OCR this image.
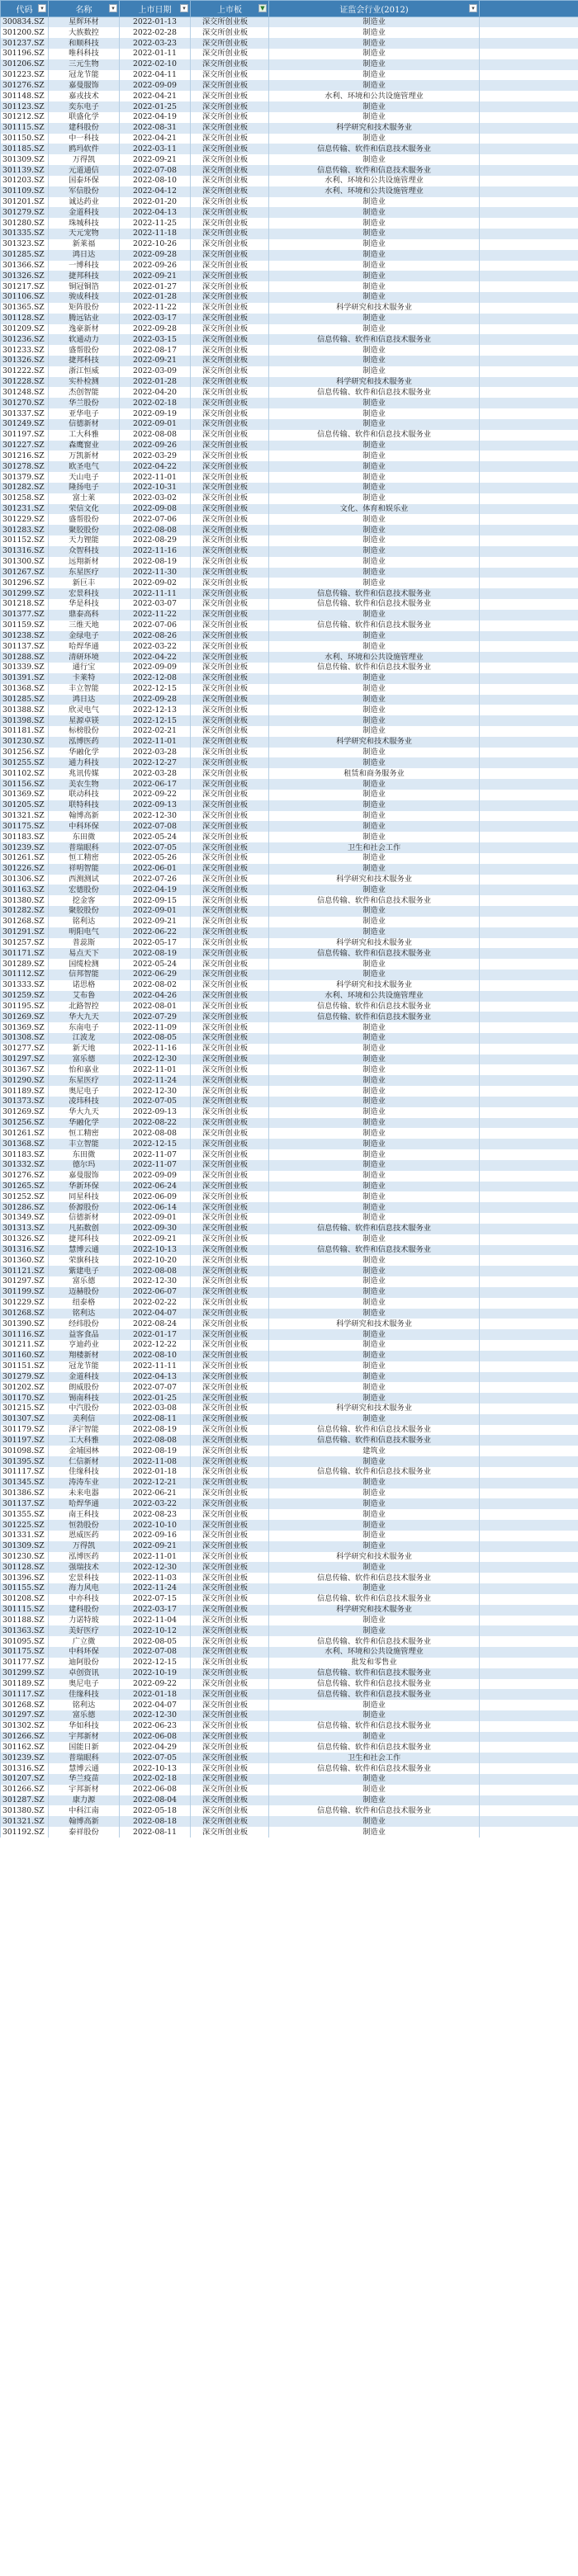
代码 ▾	名称 ▾	上市日期 ▾	上市板 ▼	证监会行业(2012) ▾	

300834.SZ	星辉环材	2022-01-13	深交所创业板	制造业	
301200.SZ	大族数控	2022-02-28	深交所创业板	制造业	
301237.SZ	和顺科技	2022-03-23	深交所创业板	制造业	
301196.SZ	唯科科技	2022-01-11	深交所创业板	制造业	
301206.SZ	三元生物	2022-02-10	深交所创业板	制造业	
301223.SZ	冠龙节能	2022-04-11	深交所创业板	制造业	
301276.SZ	嘉曼服饰	2022-09-09	深交所创业板	制造业	
301148.SZ	嘉戎技术	2022-04-21	深交所创业板	水利、环境和公共设施管理业	
301123.SZ	奕东电子	2022-01-25	深交所创业板	制造业	
301212.SZ	联盛化学	2022-04-19	深交所创业板	制造业	
301115.SZ	建科股份	2022-08-31	深交所创业板	科学研究和技术服务业	
301150.SZ	中一科技	2022-04-21	深交所创业板	制造业	
301185.SZ	鸥玛软件	2022-03-11	深交所创业板	信息传输、软件和信息技术服务业	
301309.SZ	万得凯	2022-09-21	深交所创业板	制造业	
301139.SZ	元道通信	2022-07-08	深交所创业板	信息传输、软件和信息技术服务业	
301203.SZ	国泰环保	2022-08-10	深交所创业板	水利、环境和公共设施管理业	
301109.SZ	军信股份	2022-04-12	深交所创业板	水利、环境和公共设施管理业	
301201.SZ	诚达药业	2022-01-20	深交所创业板	制造业	
301279.SZ	金道科技	2022-04-13	深交所创业板	制造业	
301280.SZ	珠城科技	2022-11-25	深交所创业板	制造业	
301335.SZ	天元宠物	2022-11-18	深交所创业板	制造业	
301323.SZ	新莱福	2022-10-26	深交所创业板	制造业	
301285.SZ	鸿日达	2022-09-28	深交所创业板	制造业	
301366.SZ	一博科技	2022-09-26	深交所创业板	制造业	
301326.SZ	捷邦科技	2022-09-21	深交所创业板	制造业	
301217.SZ	铜冠铜箔	2022-01-27	深交所创业板	制造业	
301106.SZ	骏成科技	2022-01-28	深交所创业板	制造业	
301365.SZ	矩阵股份	2022-11-22	深交所创业板	科学研究和技术服务业	
301128.SZ	腾远钴业	2022-03-17	深交所创业板	制造业	
301209.SZ	逸豪新材	2022-09-28	深交所创业板	制造业	
301236.SZ	软通动力	2022-03-15	深交所创业板	信息传输、软件和信息技术服务业	
301233.SZ	盛帮股份	2022-08-17	深交所创业板	制造业	
301326.SZ	捷邦科技	2022-09-21	深交所创业板	制造业	
301222.SZ	浙江恒威	2022-03-09	深交所创业板	制造业	
301228.SZ	实朴检测	2022-01-28	深交所创业板	科学研究和技术服务业	
301248.SZ	杰创智能	2022-04-20	深交所创业板	信息传输、软件和信息技术服务业	
301270.SZ	华兰股份	2022-02-18	深交所创业板	制造业	
301337.SZ	亚华电子	2022-09-19	深交所创业板	制造业	
301249.SZ	信德新材	2022-09-01	深交所创业板	制造业	
301197.SZ	工大科雅	2022-08-08	深交所创业板	信息传输、软件和信息技术服务业	
301227.SZ	森鹰窗业	2022-09-26	深交所创业板	制造业	
301216.SZ	万凯新材	2022-03-29	深交所创业板	制造业	
301278.SZ	欧圣电气	2022-04-22	深交所创业板	制造业	
301379.SZ	天山电子	2022-11-01	深交所创业板	制造业	
301282.SZ	隆扬电子	2022-10-31	深交所创业板	制造业	
301258.SZ	富士莱	2022-03-02	深交所创业板	制造业	
301231.SZ	荣信文化	2022-09-08	深交所创业板	文化、体育和娱乐业	
301229.SZ	盛帮股份	2022-07-06	深交所创业板	制造业	
301283.SZ	聚胶股份	2022-08-08	深交所创业板	制造业	
301152.SZ	天力锂能	2022-08-29	深交所创业板	制造业	
301316.SZ	众智科技	2022-11-16	深交所创业板	制造业	
301300.SZ	远翔新材	2022-08-19	深交所创业板	制造业	
301267.SZ	东星医疗	2022-11-30	深交所创业板	制造业	
301296.SZ	新巨丰	2022-09-02	深交所创业板	制造业	
301299.SZ	宏景科技	2022-11-11	深交所创业板	信息传输、软件和信息技术服务业	
301218.SZ	华是科技	2022-03-07	深交所创业板	信息传输、软件和信息技术服务业	
301377.SZ	鼎泰高科	2022-11-22	深交所创业板	制造业	
301159.SZ	三维天地	2022-07-06	深交所创业板	信息传输、软件和信息技术服务业	
301238.SZ	金绿电子	2022-08-26	深交所创业板	制造业	
301137.SZ	哈焊华通	2022-03-22	深交所创业板	制造业	
301288.SZ	清研环境	2022-04-22	深交所创业板	水利、环境和公共设施管理业	
301339.SZ	通行宝	2022-09-09	深交所创业板	信息传输、软件和信息技术服务业	
301391.SZ	卡莱特	2022-12-08	深交所创业板	制造业	
301368.SZ	丰立智能	2022-12-15	深交所创业板	制造业	
301285.SZ	鸿日达	2022-09-28	深交所创业板	制造业	
301388.SZ	欣灵电气	2022-12-13	深交所创业板	制造业	
301398.SZ	星源卓镁	2022-12-15	深交所创业板	制造业	
301181.SZ	标榜股份	2022-02-21	深交所创业板	制造业	
301230.SZ	泓博医药	2022-11-01	深交所创业板	科学研究和技术服务业	
301256.SZ	华融化学	2022-03-28	深交所创业板	制造业	
301255.SZ	通力科技	2022-12-27	深交所创业板	制造业	
301102.SZ	兆讯传媒	2022-03-28	深交所创业板	租赁和商务服务业	
301156.SZ	美农生物	2022-06-17	深交所创业板	制造业	
301369.SZ	联动科技	2022-09-22	深交所创业板	制造业	
301205.SZ	联特科技	2022-09-13	深交所创业板	制造业	
301321.SZ	翰博高新	2022-12-30	深交所创业板	制造业	
301175.SZ	中科环保	2022-07-08	深交所创业板	制造业	
301183.SZ	东田微	2022-05-24	深交所创业板	制造业	
301239.SZ	普瑞眼科	2022-07-05	深交所创业板	卫生和社会工作	
301261.SZ	恒工精密	2022-05-26	深交所创业板	制造业	
301226.SZ	祥明智能	2022-06-01	深交所创业板	制造业	
301306.SZ	西测测试	2022-07-26	深交所创业板	科学研究和技术服务业	
301163.SZ	宏德股份	2022-04-19	深交所创业板	制造业	
301380.SZ	挖金客	2022-09-15	深交所创业板	信息传输、软件和信息技术服务业	
301282.SZ	聚胶股份	2022-09-01	深交所创业板	制造业	
301268.SZ	铭利达	2022-09-21	深交所创业板	制造业	
301291.SZ	明阳电气	2022-06-22	深交所创业板	制造业	
301257.SZ	普蕊斯	2022-05-17	深交所创业板	科学研究和技术服务业	
301171.SZ	易点天下	2022-08-19	深交所创业板	信息传输、软件和信息技术服务业	
301289.SZ	国缆检测	2022-05-24	深交所创业板	制造业	
301112.SZ	信邦智能	2022-06-29	深交所创业板	制造业	
301333.SZ	诺思格	2022-08-02	深交所创业板	科学研究和技术服务业	
301259.SZ	艾布鲁	2022-04-26	深交所创业板	水利、环境和公共设施管理业	
301195.SZ	北路智控	2022-08-01	深交所创业板	信息传输、软件和信息技术服务业	
301269.SZ	华大九天	2022-07-29	深交所创业板	信息传输、软件和信息技术服务业	
301369.SZ	东南电子	2022-11-09	深交所创业板	制造业	
301308.SZ	江波龙	2022-08-05	深交所创业板	制造业	
301277.SZ	新天地	2022-11-16	深交所创业板	制造业	
301297.SZ	富乐德	2022-12-30	深交所创业板	制造业	
301367.SZ	怡和嘉业	2022-11-01	深交所创业板	制造业	
301290.SZ	东星医疗	2022-11-24	深交所创业板	制造业	
301189.SZ	奥尼电子	2022-12-30	深交所创业板	制造业	
301373.SZ	凌玮科技	2022-07-05	深交所创业板	制造业	
301269.SZ	华大九天	2022-09-13	深交所创业板	制造业	
301256.SZ	华融化学	2022-08-22	深交所创业板	制造业	
301261.SZ	恒工精密	2022-08-08	深交所创业板	制造业	
301368.SZ	丰立智能	2022-12-15	深交所创业板	制造业	
301183.SZ	东田微	2022-11-07	深交所创业板	制造业	
301332.SZ	德尔玛	2022-11-07	深交所创业板	制造业	
301276.SZ	嘉曼服饰	2022-09-09	深交所创业板	制造业	
301265.SZ	华新环保	2022-06-24	深交所创业板	制造业	
301252.SZ	同星科技	2022-06-09	深交所创业板	制造业	
301286.SZ	侨源股份	2022-06-14	深交所创业板	制造业	
301349.SZ	信德新材	2022-09-01	深交所创业板	制造业	
301313.SZ	凡拓数创	2022-09-30	深交所创业板	信息传输、软件和信息技术服务业	
301326.SZ	捷邦科技	2022-09-21	深交所创业板	制造业	
301316.SZ	慧博云通	2022-10-13	深交所创业板	信息传输、软件和信息技术服务业	
301360.SZ	荣旗科技	2022-10-20	深交所创业板	制造业	
301121.SZ	紫建电子	2022-08-08	深交所创业板	制造业	
301297.SZ	富乐德	2022-12-30	深交所创业板	制造业	
301199.SZ	迈赫股份	2022-06-07	深交所创业板	制造业	
301229.SZ	纽泰格	2022-02-22	深交所创业板	制造业	
301268.SZ	铭利达	2022-04-07	深交所创业板	制造业	
301390.SZ	经纬股份	2022-08-24	深交所创业板	科学研究和技术服务业	
301116.SZ	益客食品	2022-01-17	深交所创业板	制造业	
301211.SZ	亨迪药业	2022-12-22	深交所创业板	制造业	
301160.SZ	翔楼新材	2022-08-10	深交所创业板	制造业	
301151.SZ	冠龙节能	2022-11-11	深交所创业板	制造业	
301279.SZ	金道科技	2022-04-13	深交所创业板	制造业	
301202.SZ	朗威股份	2022-07-07	深交所创业板	制造业	
301170.SZ	锡南科技	2022-01-25	深交所创业板	制造业	
301215.SZ	中汽股份	2022-03-08	深交所创业板	科学研究和技术服务业	
301307.SZ	美利信	2022-08-11	深交所创业板	制造业	
301179.SZ	泽宇智能	2022-08-19	深交所创业板	信息传输、软件和信息技术服务业	
301197.SZ	工大科雅	2022-08-08	深交所创业板	信息传输、软件和信息技术服务业	
301098.SZ	金埔园林	2022-08-19	深交所创业板	建筑业	
301395.SZ	仁信新材	2022-11-08	深交所创业板	制造业	
301117.SZ	佳缘科技	2022-01-18	深交所创业板	信息传输、软件和信息技术服务业	
301345.SZ	涛涛车业	2022-12-21	深交所创业板	制造业	
301386.SZ	未来电器	2022-06-21	深交所创业板	制造业	
301137.SZ	哈焊华通	2022-03-22	深交所创业板	制造业	
301355.SZ	南王科技	2022-08-23	深交所创业板	制造业	
301225.SZ	恒勃股份	2022-10-10	深交所创业板	制造业	
301331.SZ	恩威医药	2022-09-16	深交所创业板	制造业	
301309.SZ	万得凯	2022-09-21	深交所创业板	制造业	
301230.SZ	泓博医药	2022-11-01	深交所创业板	科学研究和技术服务业	
301128.SZ	强瑞技术	2022-12-30	深交所创业板	制造业	
301396.SZ	宏景科技	2022-11-03	深交所创业板	信息传输、软件和信息技术服务业	
301155.SZ	海力风电	2022-11-24	深交所创业板	制造业	
301208.SZ	中亦科技	2022-07-15	深交所创业板	信息传输、软件和信息技术服务业	
301115.SZ	建科股份	2022-03-17	深交所创业板	科学研究和技术服务业	
301188.SZ	力诺特玻	2022-11-04	深交所创业板	制造业	
301363.SZ	美好医疗	2022-10-12	深交所创业板	制造业	
301095.SZ	广立微	2022-08-05	深交所创业板	信息传输、软件和信息技术服务业	
301175.SZ	中科环保	2022-07-08	深交所创业板	水利、环境和公共设施管理业	
301177.SZ	迪阿股份	2022-12-15	深交所创业板	批发和零售业	
301299.SZ	卓创资讯	2022-10-19	深交所创业板	信息传输、软件和信息技术服务业	
301189.SZ	奥尼电子	2022-09-22	深交所创业板	信息传输、软件和信息技术服务业	
301117.SZ	佳缘科技	2022-01-18	深交所创业板	信息传输、软件和信息技术服务业	
301268.SZ	铭利达	2022-04-07	深交所创业板	制造业	
301297.SZ	富乐德	2022-12-30	深交所创业板	制造业	
301302.SZ	华如科技	2022-06-23	深交所创业板	信息传输、软件和信息技术服务业	
301266.SZ	宇邦新材	2022-06-08	深交所创业板	制造业	
301162.SZ	国能日新	2022-04-29	深交所创业板	信息传输、软件和信息技术服务业	
301239.SZ	普瑞眼科	2022-07-05	深交所创业板	卫生和社会工作	
301316.SZ	慧博云通	2022-10-13	深交所创业板	信息传输、软件和信息技术服务业	
301207.SZ	华兰疫苗	2022-02-18	深交所创业板	制造业	
301266.SZ	宇邦新材	2022-06-08	深交所创业板	制造业	
301287.SZ	康力源	2022-08-04	深交所创业板	制造业	
301380.SZ	中科江南	2022-05-18	深交所创业板	信息传输、软件和信息技术服务业	
301321.SZ	翰博高新	2022-08-18	深交所创业板	制造业	
301192.SZ	泰祥股份	2022-08-11	深交所创业板	制造业	
